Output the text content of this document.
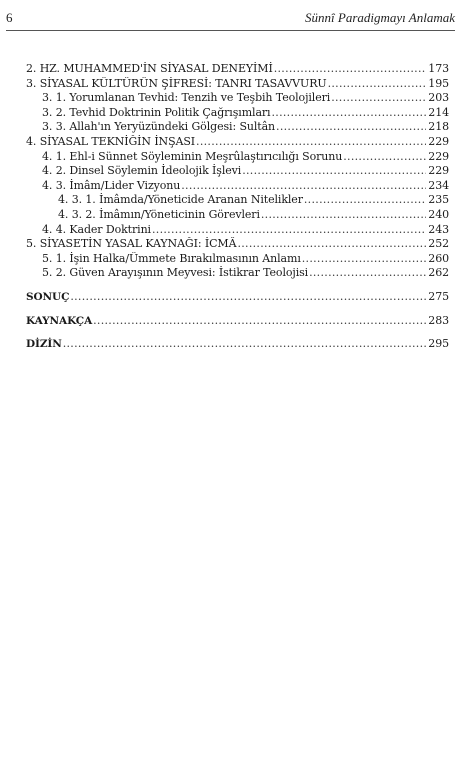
6	Sünnî Paradigmayı Anlamak
2. HZ. MUHAMMED'İN SİYASAL DENEYİMİ .....	173
3. SİYASAL KÜLTÜRÜN ŞİFRESİ: TANRI TASAVVURU .....	195
3. 1. Yorumlanan Tevhid: Tenzih ve Teşbih Teolojileri .....	203
3. 2. Tevhid Doktrinin Politik Çağrışımları .....	214
3. 3. Allah'ın Yeryüzündeki Gölgesi: Sultân .....	218
4. SİYASAL TEKNİĞİN İNŞASI .....	229
4. 1. Ehl-i Sünnet Söyleminin Meşrûlaştırıcılığı Sorunu .....	229
4. 2. Dinsel Söylemin İdeolojik İşlevi .....	229
4. 3. İmâm/Lider Vizyonu .....	234
4. 3. 1. İmâmda/Yöneticide Aranan Nitelikler .....	235
4. 3. 2. İmâmın/Yöneticinin Görevleri .....	240
4. 4. Kader Doktrini .....	243
5. SİYASETİN YASAL KAYNAĞI: İCMÂ .....	252
5. 1. İşin Halka/Ümmete Bırakılmasının Anlamı .....	260
5. 2. Güven Arayışının Meyvesi: İstikrar Teolojisi .....	262
SONUÇ .....	275
KAYNAKÇA .....	283
DİZİN .....	295
